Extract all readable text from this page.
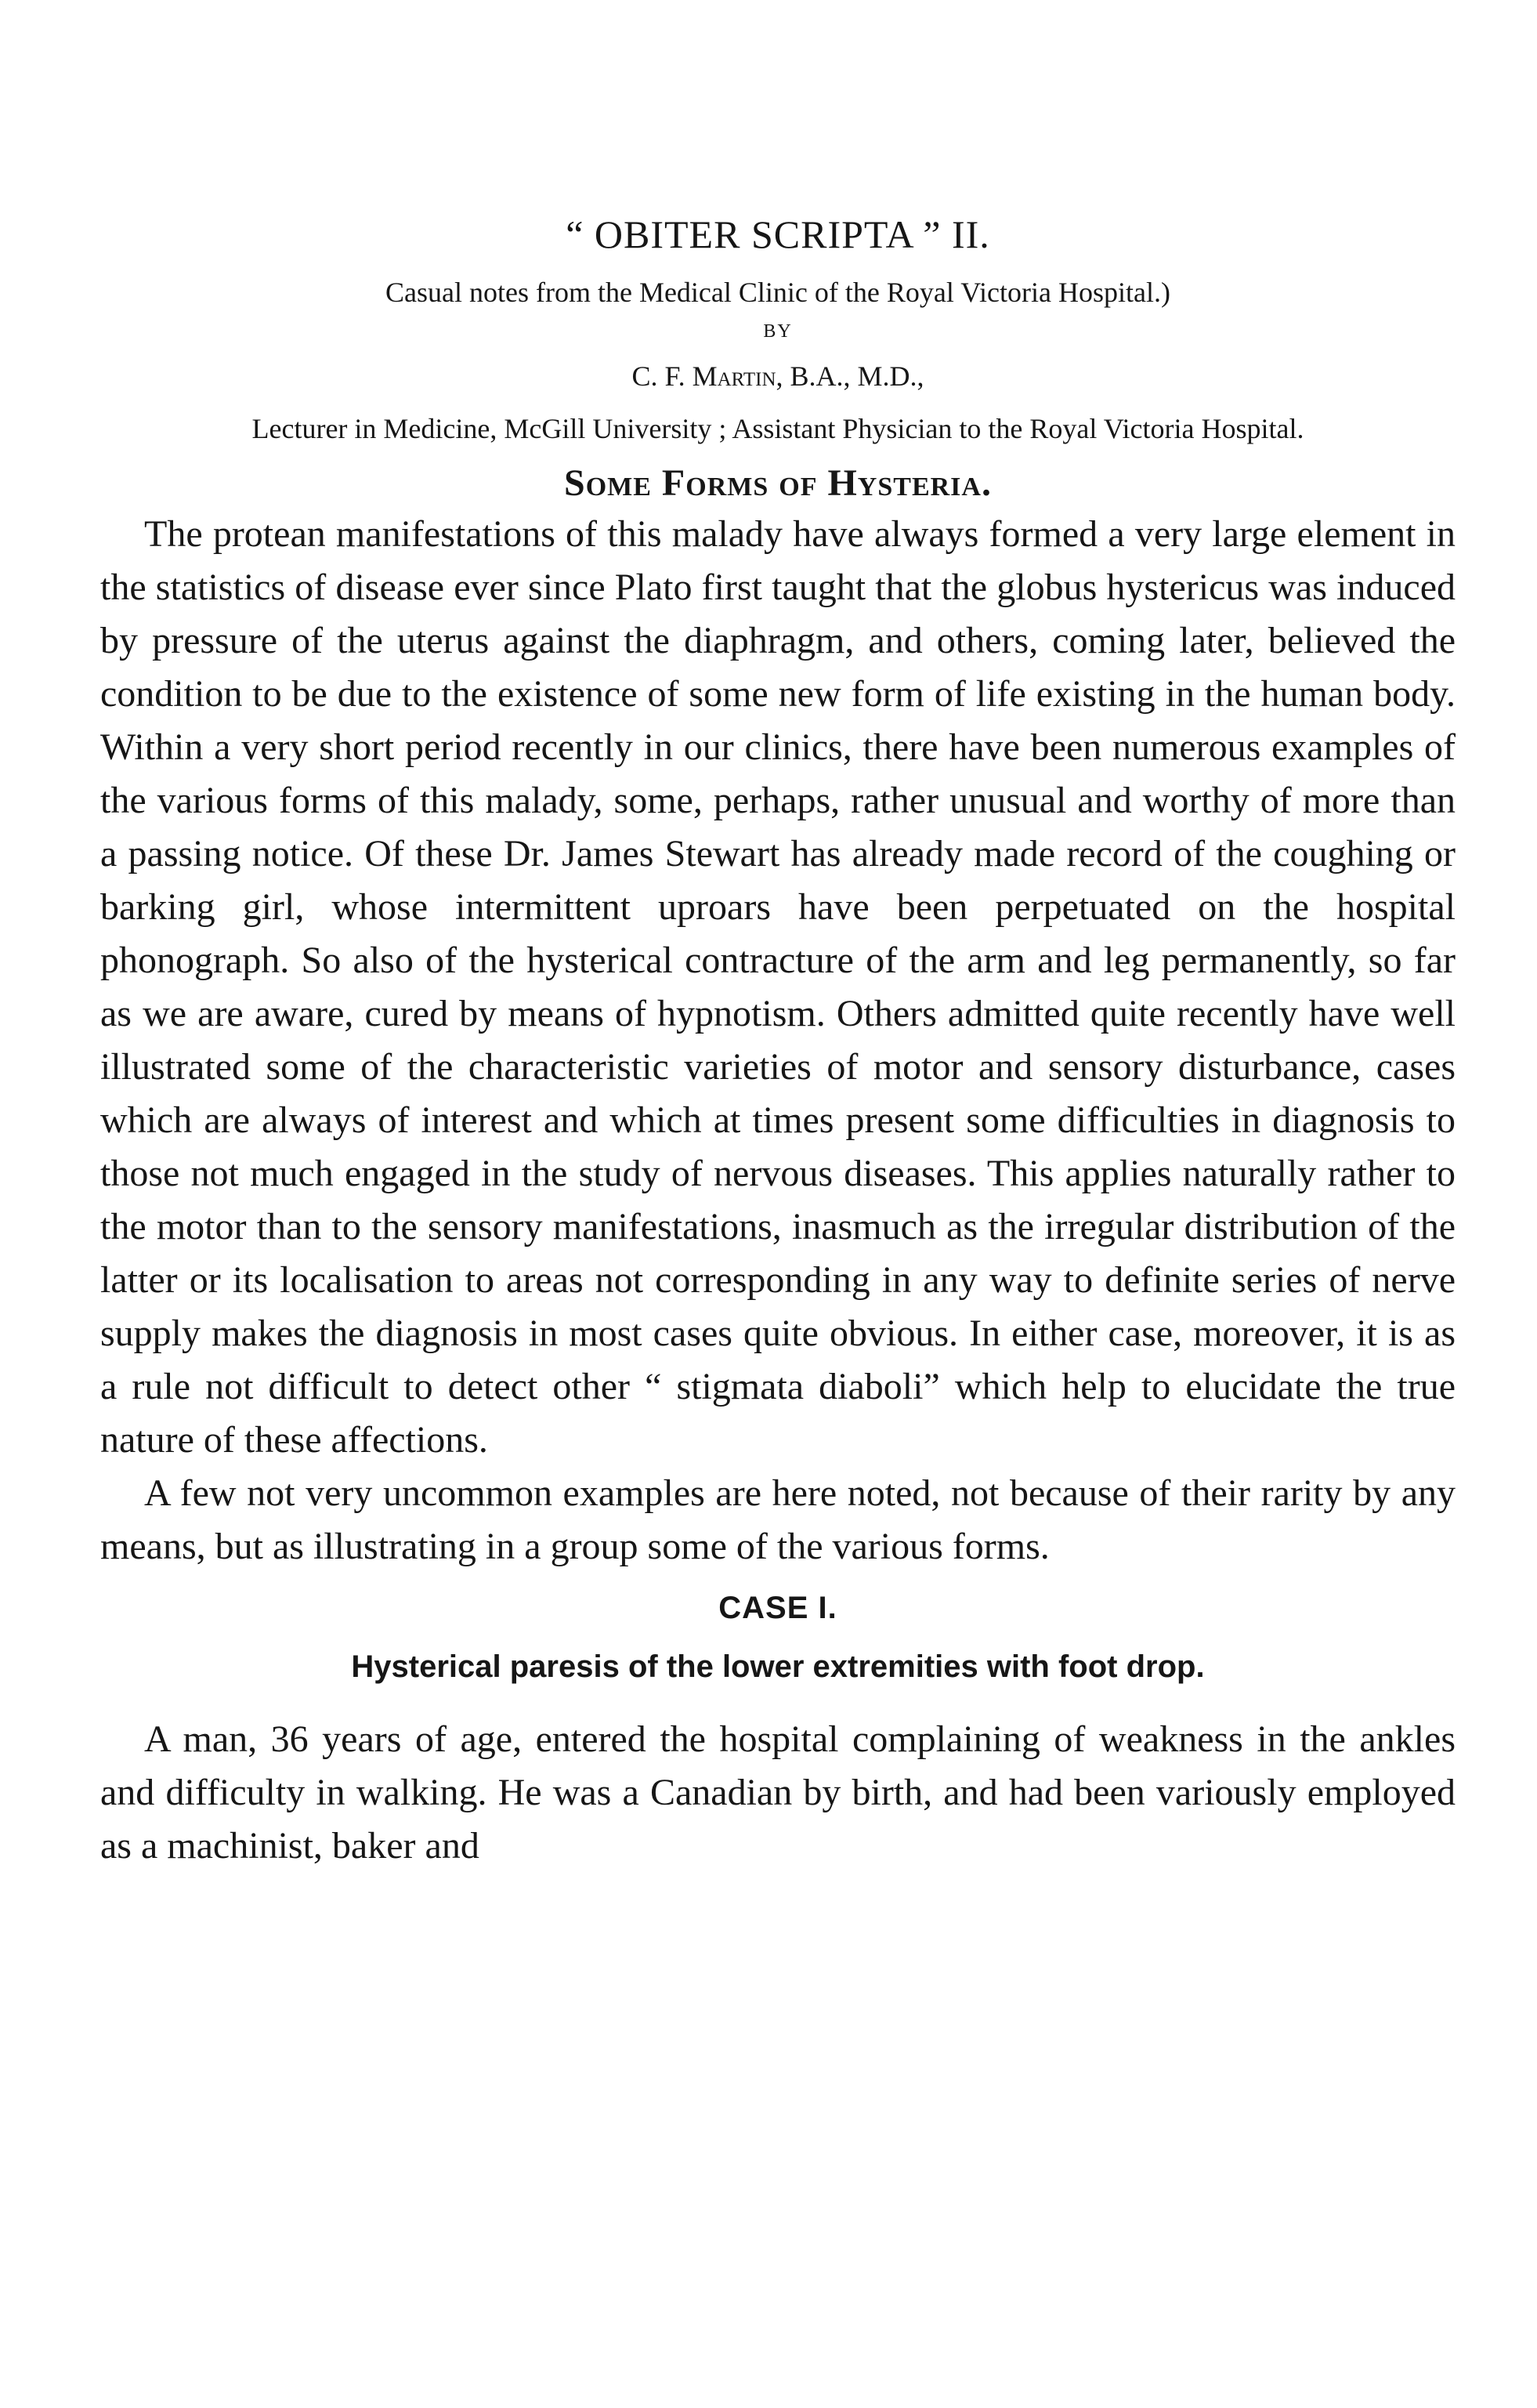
“ OBITER SCRIPTA ” II.
Casual notes from the Medical Clinic of the Royal Victoria Hospital.)
BY
C. F. Martin, B.A., M.D.,
Lecturer in Medicine, McGill University ; Assistant Physician to the Royal Victoria Hospital.
Some Forms of Hysteria.

The protean manifestations of this malady have always formed a very large element in the statistics of disease ever since Plato first taught that the globus hystericus was induced by pressure of the uterus against the diaphragm, and others, coming later, believed the condition to be due to the existence of some new form of life existing in the human body. Within a very short period recently in our clinics, there have been numerous examples of the various forms of this malady, some, perhaps, rather unusual and worthy of more than a passing notice. Of these Dr. James Stewart has already made record of the coughing or barking girl, whose intermittent uproars have been perpetuated on the hospital phonograph. So also of the hysterical contracture of the arm and leg permanently, so far as we are aware, cured by means of hypnotism. Others admitted quite recently have well illustrated some of the characteristic varieties of motor and sensory disturbance, cases which are always of interest and which at times present some difficulties in diagnosis to those not much engaged in the study of nervous diseases. This applies naturally rather to the motor than to the sensory manifestations, inasmuch as the irregular distribution of the latter or its localisation to areas not corresponding in any way to definite series of nerve supply makes the diagnosis in most cases quite obvious. In either case, moreover, it is as a rule not difficult to detect other “ stigmata diaboli” which help to elucidate the true nature of these affections.

A few not very uncommon examples are here noted, not because of their rarity by any means, but as illustrating in a group some of the various forms.

CASE I.
Hysterical paresis of the lower extremities with foot drop.

A man, 36 years of age, entered the hospital complaining of weakness in the ankles and difficulty in walking. He was a Canadian by birth, and had been variously employed as a machinist, baker and
